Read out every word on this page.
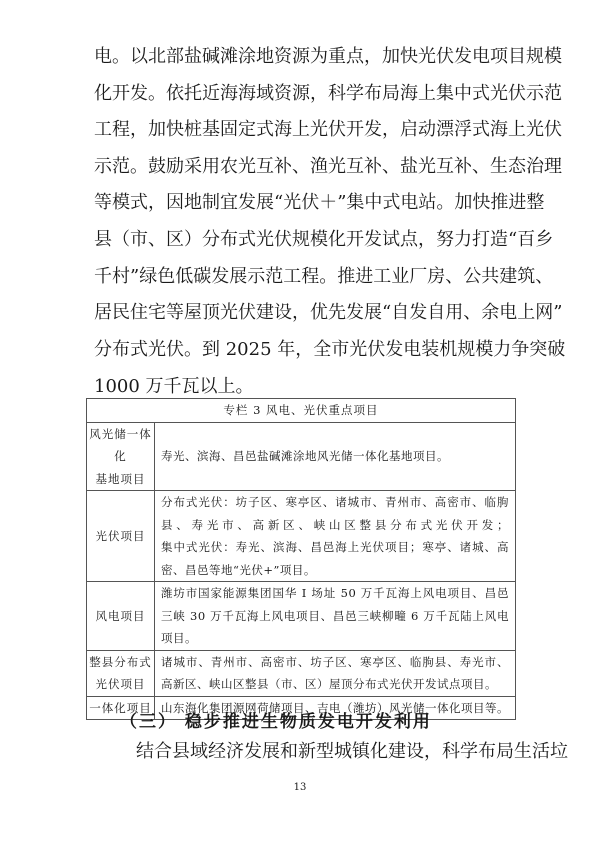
电。以北部盐碱滩涂地资源为重点，加快光伏发电项目规模
化开发。依托近海海域资源，科学布局海上集中式光伏示范
工程，加快桩基固定式海上光伏开发，启动漂浮式海上光伏
示范。鼓励采用农光互补、渔光互补、盐光互补、生态治理
等模式，因地制宜发展“光伏＋”集中式电站。加快推进整
县（市、区）分布式光伏规模化开发试点，努力打造“百乡
千村”绿色低碳发展示范工程。推进工业厂房、公共建筑、
居民住宅等屋顶光伏建设，优先发展“自发自用、余电上网”
分布式光伏。到 2025 年，全市光伏发电装机规模力争突破
1000 万千瓦以上。
专栏 3 风电、光伏重点项目	

风光储一体化
基地项目	寿光、滨海、昌邑盐碱滩涂地风光储一体化基地项目。

光伏项目	分布式光伏：坊子区、寒亭区、诸城市、青州市、高密市、临朐
县、寿光市、高新区、峡山区整县分布式光伏开发；
集中式光伏：寿光、滨海、昌邑海上光伏项目；寒亭、诸城、高
密、昌邑等地“光伏+”项目。

风电项目	潍坊市国家能源集团国华 I 场址 50 万千瓦海上风电项目、昌邑
三峡 30 万千瓦海上风电项目、昌邑三峡柳疃 6 万千瓦陆上风电
项目。

整县分布式
光伏项目	诸城市、青州市、高密市、坊子区、寒亭区、临朐县、寿光市、
高新区、峡山区整县（市、区）屋顶分布式光伏开发试点项目。

一体化项目	山东海化集团源网荷储项目、吉电（潍坊）风光储一体化项目等。
（三） 稳步推进生物质发电开发利用
结合县域经济发展和新型城镇化建设，科学布局生活垃
13
